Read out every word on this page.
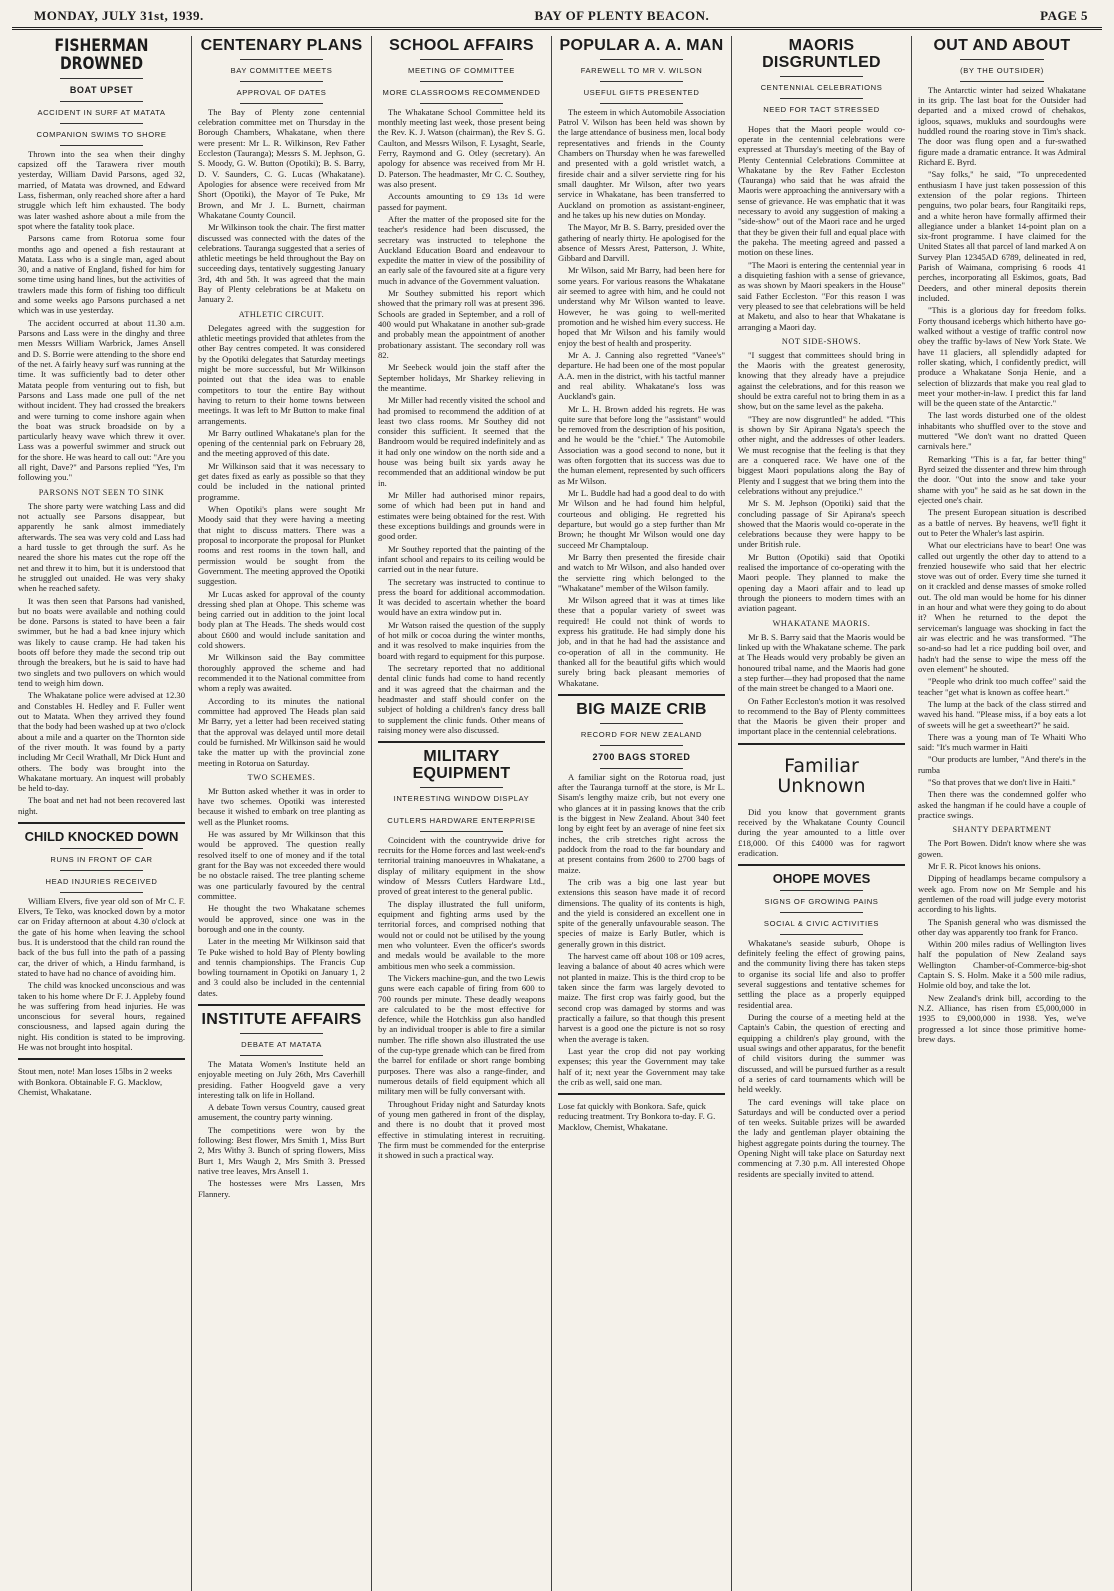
MONDAY, JULY 31st, 1939.	BAY OF PLENTY BEACON.	PAGE 5
FISHERMAN DROWNED
BOAT UPSET
ACCIDENT IN SURF AT MATATA
COMPANION SWIMS TO SHORE

Thrown into the sea when their dinghy capsized off the Tarawera river mouth yesterday, William David Parsons, aged 32, married, of Matata was drowned, and Edward Lass, fisherman, only reached shore after a hard struggle which left him exhausted. The body was later washed ashore about a mile from the spot where the fatality took place.

Parsons came from Rotorua some four months ago and opened a fish restaurant at Matata. Lass who is a single man, aged about 30, and a native of England, fished for him for some time using hand lines, but the activities of trawlers made this form of fishing too difficult and some weeks ago Parsons purchased a net which was in use yesterday.

The accident occurred at about 11.30 a.m. Parsons and Lass were in the dinghy and three men Messrs William Warbrick, James Ansell and D. S. Borrie were attending to the shore end of the net. A fairly heavy surf was running at the time. It was sufficiently bad to deter other Matata people from venturing out to fish, but Parsons and Lass made one pull of the net without incident. They had crossed the breakers and were turning to come inshore again when the boat was struck broadside on by a particularly heavy wave which threw it over. Lass was a powerful swimmer and struck out for the shore. He was heard to call out: "Are you all right, Dave?" and Parsons replied "Yes, I'm following you."

PARSONS NOT SEEN TO SINK

The shore party were watching Lass and did not actually see Parsons disappear, but apparently he sank almost immediately afterwards. The sea was very cold and Lass had a hard tussle to get through the surf. As he neared the shore his mates cut the rope off the net and threw it to him, but it is understood that he struggled out unaided. He was very shaky when he reached safety.

It was then seen that Parsons had vanished, but no boats were available and nothing could be done. Parsons is stated to have been a fair swimmer, but he had a bad knee injury which was likely to cause cramp. He had taken his boots off before they made the second trip out through the breakers, but he is said to have had two singlets and two pullovers on which would tend to weigh him down.

The Whakatane police were advised at 12.30 and Constables H. Hedley and F. Fuller went out to Matata. When they arrived they found that the body had been washed up at two o'clock about a mile and a quarter on the Thornton side of the river mouth. It was found by a party including Mr Cecil Wrathall, Mr Dick Hunt and others. The body was brought into the Whakatane mortuary. An inquest will probably be held to-day.

The boat and net had not been recovered last night.

CHILD KNOCKED DOWN
RUNS IN FRONT OF CAR
HEAD INJURIES RECEIVED

William Elvers, five year old son of Mr C. F. Elvers, Te Teko, was knocked down by a motor car on Friday afternoon at about 4.30 o'clock at the gate of his home when leaving the school bus. It is understood that the child ran round the back of the bus full into the path of a passing car, the driver of which, a Hindu farmhand, is stated to have had no chance of avoiding him.

The child was knocked unconscious and was taken to his home where Dr F. J. Appleby found he was suffering from head injuries. He was unconscious for several hours, regained consciousness, and lapsed again during the night. His condition is stated to be improving. He was not brought into hospital.

Stout men, note! Man loses 15lbs in 2 weeks with Bonkora. Obtainable F. G. Macklow, Chemist, Whakatane.
CENTENARY PLANS
BAY COMMITTEE MEETS
APPROVAL OF DATES

The Bay of Plenty zone centennial celebration committee met on Thursday in the Borough Chambers, Whakatane, when there were present: Mr L. R. Wilkinson, Rev Father Eccleston (Tauranga); Messrs S. M. Jephson, G. S. Moody, G. W. Button (Opotiki); B. S. Barry, D. V. Saunders, C. G. Lucas (Whakatane). Apologies for absence were received from Mr Short (Opotiki), the Mayor of Te Puke, Mr Brown, and Mr J. L. Burnett, chairman Whakatane County Council.

Mr Wilkinson took the chair. The first matter discussed was connected with the dates of the celebrations. Tauranga suggested that a series of athletic meetings be held throughout the Bay on succeeding days, tentatively suggesting January 3rd, 4th and 5th. It was agreed that the main Bay of Plenty celebrations be at Maketu on January 2.

ATHLETIC CIRCUIT.

Delegates agreed with the suggestion for athletic meetings provided that athletes from the other Bay centres competed. It was considered by the Opotiki delegates that Saturday meetings might be more successful, but Mr Wilkinson pointed out that the idea was to enable competitors to tour the entire Bay without having to return to their home towns between meetings. It was left to Mr Button to make final arrangements.

Mr Barry outlined Whakatane's plan for the opening of the centennial park on February 28, and the meeting approved of this date.

Mr Wilkinson said that it was necessary to get dates fixed as early as possible so that they could be included in the national printed programme.

When Opotiki's plans were sought Mr Moody said that they were having a meeting that night to discuss matters. There was a proposal to incorporate the proposal for Plunket rooms and rest rooms in the town hall, and permission would be sought from the Government. The meeting approved the Opotiki suggestion.

Mr Lucas asked for approval of the county dressing shed plan at Ohope. This scheme was being carried out in addition to the joint local body plan at The Heads. The sheds would cost about £600 and would include sanitation and cold showers.

Mr Wilkinson said the Bay committee thoroughly approved the scheme and had recommended it to the National committee from whom a reply was awaited.

According to its minutes the national committee had approved The Heads plan said Mr Barry, yet a letter had been received stating that the approval was delayed until more detail could be furnished. Mr Wilkinson said he would take the matter up with the provincial zone meeting in Rotorua on Saturday.

TWO SCHEMES.

Mr Button asked whether it was in order to have two schemes. Opotiki was interested because it wished to embark on tree planting as well as the Plunket rooms.

He was assured by Mr Wilkinson that this would be approved. The question really resolved itself to one of money and if the total grant for the Bay was not exceeded there would be no obstacle raised. The tree planting scheme was one particularly favoured by the central committee.

He thought the two Whakatane schemes would be approved, since one was in the borough and one in the county.

Later in the meeting Mr Wilkinson said that Te Puke wished to hold Bay of Plenty bowling and tennis championships. The Francis Cup bowling tournament in Opotiki on January 1, 2 and 3 could also be included in the centennial dates.

INSTITUTE AFFAIRS
DEBATE AT MATATA

The Matata Women's Institute held an enjoyable meeting on July 26th, Mrs Caverhill presiding. Father Hoogveld gave a very interesting talk on life in Holland.

A debate Town versus Country, caused great amusement, the country party winning.

The competitions were won by the following: Best flower, Mrs Smith 1, Miss Burt 2, Mrs Withy 3. Bunch of spring flowers, Miss Burt 1, Mrs Waugh 2, Mrs Smith 3. Pressed native tree leaves, Mrs Ansell 1.

The hostesses were Mrs Lassen, Mrs Flannery.

SCHOOL AFFAIRS
MEETING OF COMMITTEE
MORE CLASSROOMS RECOMMENDED

The Whakatane School Committee held its monthly meeting last week, those present being the Rev. K. J. Watson (chairman), the Rev S. G. Caulton, and Messrs Wilson, F. Lysaght, Searle, Ferry, Raymond and G. Otley (secretary). An apology for absence was received from Mr H. D. Paterson. The headmaster, Mr C. C. Southey, was also present.

Accounts amounting to £9 13s 1d were passed for payment.

After the matter of the proposed site for the teacher's residence had been discussed, the secretary was instructed to telephone the Auckland Education Board and endeavour to expedite the matter in view of the possibility of an early sale of the favoured site at a figure very much in advance of the Government valuation.

Mr Southey submitted his report which showed that the primary roll was at present 396. Schools are graded in September, and a roll of 400 would put Whakatane in another sub-grade and probably mean the appointment of another probationary assistant. The secondary roll was 82.

Mr Seebeck would join the staff after the September holidays, Mr Sharkey relieving in the meantime.

Mr Miller had recently visited the school and had promised to recommend the addition of at least two class rooms. Mr Southey did not consider this sufficient. It seemed that the Bandroom would be required indefinitely and as it had only one window on the north side and a house was being built six yards away he recommended that an additional window be put in.

Mr Miller had authorised minor repairs, some of which had been put in hand and estimates were being obtained for the rest. With these exceptions buildings and grounds were in good order.

Mr Southey reported that the painting of the infant school and repairs to its ceiling would be carried out in the near future.

The secretary was instructed to continue to press the board for additional accommodation. It was decided to ascertain whether the board would have an extra window put in.

Mr Watson raised the question of the supply of hot milk or cocoa during the winter months, and it was resolved to make inquiries from the board with regard to equipment for this purpose.

The secretary reported that no additional dental clinic funds had come to hand recently and it was agreed that the chairman and the headmaster and staff should confer on the subject of holding a children's fancy dress ball to supplement the clinic funds. Other means of raising money were also discussed.

MILITARY EQUIPMENT
INTERESTING WINDOW DISPLAY
CUTLERS HARDWARE ENTERPRISE

Coincident with the countrywide drive for recruits for the Home forces and last week-end's territorial training manoeuvres in Whakatane, a display of military equipment in the show window of Messrs Cutlers Hardware Ltd., proved of great interest to the general public.

The display illustrated the full uniform, equipment and fighting arms used by the territorial forces, and comprised nothing that would not or could not be utilised by the young men who volunteer. Even the officer's swords and medals would be available to the more ambitious men who seek a commission.

The Vickers machine-gun, and the two Lewis guns were each capable of firing from 600 to 700 rounds per minute. These deadly weapons are calculated to be the most effective for defence, while the Hotchkiss gun also handled by an individual trooper is able to fire a similar number. The rifle shown also illustrated the use of the cup-type grenade which can be fired from the barrel for enfilade or short range bombing purposes. There was also a range-finder, and numerous details of field equipment which all military men will be fully conversant with.

Throughout Friday night and Saturday knots of young men gathered in front of the display, and there is no doubt that it proved most effective in stimulating interest in recruiting. The firm must be commended for the enterprise it showed in such a practical way.

POPULAR A. A. MAN
FAREWELL TO MR V. WILSON
USEFUL GIFTS PRESENTED

The esteem in which Automobile Association Patrol V. Wilson has been held was shown by the large attendance of business men, local body representatives and friends in the County Chambers on Thursday when he was farewelled and presented with a gold wristlet watch, a fireside chair and a silver serviette ring for his small daughter. Mr Wilson, after two years service in Whakatane, has been transferred to Auckland on promotion as assistant-engineer, and he takes up his new duties on Monday.

The Mayor, Mr B. S. Barry, presided over the gathering of nearly thirty. He apologised for the absence of Messrs Arest, Patterson, J. White, Gibbard and Darvill.

Mr Wilson, said Mr Barry, had been here for some years. For various reasons the Whakatane air seemed to agree with him, and he could not understand why Mr Wilson wanted to leave. However, he was going to well-merited promotion and he wished him every success. He hoped that Mr Wilson and his family would enjoy the best of health and prosperity.

Mr A. J. Canning also regretted "Vanee's" departure. He had been one of the most popular A.A. men in the district, with his tactful manner and real ability. Whakatane's loss was Auckland's gain.

Mr L. H. Brown added his regrets. He was quite sure that before long the "assistant" would be removed from the description of his position, and he would be the "chief." The Automobile Association was a good second to none, but it was often forgotten that its success was due to the human element, represented by such officers as Mr Wilson.

Mr L. Buddle had had a good deal to do with Mr Wilson and he had found him helpful, courteous and obliging. He regretted his departure, but would go a step further than Mr Brown; he thought Mr Wilson would one day succeed Mr Champtaloup.

Mr Barry then presented the fireside chair and watch to Mr Wilson, and also handed over the serviette ring which belonged to the "Whakatane" member of the Wilson family.

Mr Wilson agreed that it was at times like these that a popular variety of sweet was required! He could not think of words to express his gratitude. He had simply done his job, and in that he had had the assistance and co-operation of all in the community. He thanked all for the beautiful gifts which would surely bring back pleasant memories of Whakatane.

BIG MAIZE CRIB
RECORD FOR NEW ZEALAND
2700 BAGS STORED

A familiar sight on the Rotorua road, just after the Tauranga turnoff at the store, is Mr L. Sisam's lengthy maize crib, but not every one who glances at it in passing knows that the crib is the biggest in New Zealand. About 340 feet long by eight feet by an average of nine feet six inches, the crib stretches right across the paddock from the road to the far boundary and at present contains from 2600 to 2700 bags of maize.

The crib was a big one last year but extensions this season have made it of record dimensions. The quality of its contents is high, and the yield is considered an excellent one in spite of the generally unfavourable season. The species of maize is Early Butler, which is generally grown in this district.

The harvest came off about 108 or 109 acres, leaving a balance of about 40 acres which were not planted in maize. This is the third crop to be taken since the farm was largely devoted to maize. The first crop was fairly good, but the second crop was damaged by storms and was practically a failure, so that though this present harvest is a good one the picture is not so rosy when the average is taken.

Last year the crop did not pay working expenses; this year the Government may take half of it; next year the Government may take the crib as well, said one man.

Lose fat quickly with Bonkora. Safe, quick reducing treatment. Try Bonkora to-day. F. G. Macklow, Chemist, Whakatane.
MAORIS DISGRUNTLED
CENTENNIAL CELEBRATIONS
NEED FOR TACT STRESSED

Hopes that the Maori people would co-operate in the centennial celebrations were expressed at Thursday's meeting of the Bay of Plenty Centennial Celebrations Committee at Whakatane by the Rev Father Eccleston (Tauranga) who said that he was afraid the Maoris were approaching the anniversary with a sense of grievance. He was emphatic that it was necessary to avoid any suggestion of making a "side-show" out of the Maori race and he urged that they be given their full and equal place with the pakeha. The meeting agreed and passed a motion on these lines.

"The Maori is entering the centennial year in a disquieting fashion with a sense of grievance, as was shown by Maori speakers in the House" said Father Eccleston. "For this reason I was very pleased to see that celebrations will be held at Maketu, and also to hear that Whakatane is arranging a Maori day.

NOT SIDE-SHOWS.

"I suggest that committees should bring in the Maoris with the greatest generosity, knowing that they already have a prejudice against the celebrations, and for this reason we should be extra careful not to bring them in as a show, but on the same level as the pakeha.

"They are now disgruntled" he added. "This is shown by Sir Apirana Ngata's speech the other night, and the addresses of other leaders. We must recognise that the feeling is that they are a conquered race. We have one of the biggest Maori populations along the Bay of Plenty and I suggest that we bring them into the celebrations without any prejudice."

Mr S. M. Jephson (Opotiki) said that the concluding passage of Sir Apirana's speech showed that the Maoris would co-operate in the celebrations because they were happy to be under British rule.

Mr Button (Opotiki) said that Opotiki realised the importance of co-operating with the Maori people. They planned to make the opening day a Maori affair and to lead up through the pioneers to modern times with an aviation pageant.

WHAKATANE MAORIS.

Mr B. S. Barry said that the Maoris would be linked up with the Whakatane scheme. The park at The Heads would very probably be given an honoured tribal name, and the Maoris had gone a step further—they had proposed that the name of the main street be changed to a Maori one.

On Father Eccleston's motion it was resolved to recommend to the Bay of Plenty committees that the Maoris be given their proper and important place in the centennial celebrations.

Familiar Unknown

Did you know that government grants received by the Whakatane County Council during the year amounted to a little over £18,000. Of this £4000 was for ragwort eradication.

OHOPE MOVES
SIGNS OF GROWING PAINS
SOCIAL & CIVIC ACTIVITIES

Whakatane's seaside suburb, Ohope is definitely feeling the effect of growing pains, and the community living there has taken steps to organise its social life and also to proffer several suggestions and tentative schemes for settling the place as a properly equipped residential area.

During the course of a meeting held at the Captain's Cabin, the question of erecting and equipping a children's play ground, with the usual swings and other apparatus, for the benefit of child visitors during the summer was discussed, and will be pursued further as a result of a series of card tournaments which will be held weekly.

The card evenings will take place on Saturdays and will be conducted over a period of ten weeks. Suitable prizes will be awarded the lady and gentleman player obtaining the highest aggregate points during the tourney. The Opening Night will take place on Saturday next commencing at 7.30 p.m. All interested Ohope residents are specially invited to attend.

OUT AND ABOUT
(BY THE OUTSIDER)

The Antarctic winter had seized Whakatane in its grip. The last boat for the Outsider had departed and a mixed crowd of chehakos, igloos, squaws, mukluks and sourdoughs were huddled round the roaring stove in Tim's shack. The door was flung open and a fur-swathed figure made a dramatic entrance. It was Admiral Richard E. Byrd.

"Say folks," he said, "To unprecedented enthusiasm I have just taken possession of this extension of the polar regions. Thirteen penguins, two polar bears, four Rangitaiki reps, and a white heron have formally affirmed their allegiance under a blanket 14-point plan on a six-front programme. I have claimed for the United States all that parcel of land marked A on Survey Plan 12345AD 6789, delineated in red, Parish of Waimana, comprising 6 roods 41 perches, incorporating all Eskimos, goats, Bad Deeders, and other mineral deposits therein included.

"This is a glorious day for freedom folks. Forty thousand icebergs which hitherto have go-walked without a vestige of traffic control now obey the traffic by-laws of New York State. We have 11 glaciers, all splendidly adapted for roller skating, which, I confidently predict, will produce a Whakatane Sonja Henie, and a selection of blizzards that make you real glad to meet your mother-in-law. I predict this far land will be the queen state of the Antarctic."

The last words disturbed one of the oldest inhabitants who shuffled over to the stove and muttered "We don't want no dratted Queen carnivals here."

Remarking "This is a far, far better thing" Byrd seized the dissenter and threw him through the door. "Out into the snow and take your shame with you" he said as he sat down in the ejected one's chair.

The present European situation is described as a battle of nerves. By heavens, we'll fight it out to Peter the Whaler's last aspirin.

What our electricians have to bear! One was called out urgently the other day to attend to a frenzied housewife who said that her electric stove was out of order. Every time she turned it on it crackled and dense masses of smoke rolled out. The old man would be home for his dinner in an hour and what were they going to do about it? When he returned to the depot the serviceman's language was shocking in fact the air was electric and he was transformed. "The so-and-so had let a rice pudding boil over, and hadn't had the sense to wipe the mess off the oven element" he shouted.

"People who drink too much coffee" said the teacher "get what is known as coffee heart."

The lump at the back of the class stirred and waved his hand. "Please miss, if a boy eats a lot of sweets will he get a sweetheart?" he said.

There was a young man of Te Whaiti Who said: "It's much warmer in Haiti

"Our products are lumber, "And there's in the rumba

"So that proves that we don't live in Haiti."

Then there was the condemned golfer who asked the hangman if he could have a couple of practice swings.

SHANTY DEPARTMENT

The Port Bowen. Didn't know where she was gowen.

Mr F. R. Picot knows his onions.

Dipping of headlamps became compulsory a week ago. From now on Mr Semple and his gentlemen of the road will judge every motorist according to his lights.

The Spanish general who was dismissed the other day was apparently too frank for Franco.

Within 200 miles radius of Wellington lives half the population of New Zealand says Wellington Chamber-of-Commerce-big-shot Captain S. S. Holm. Make it a 500 mile radius, Holmie old boy, and take the lot.

New Zealand's drink bill, according to the N.Z. Alliance, has risen from £5,000,000 in 1935 to £9,000,000 in 1938. Yes, we've progressed a lot since those primitive home-brew days.
